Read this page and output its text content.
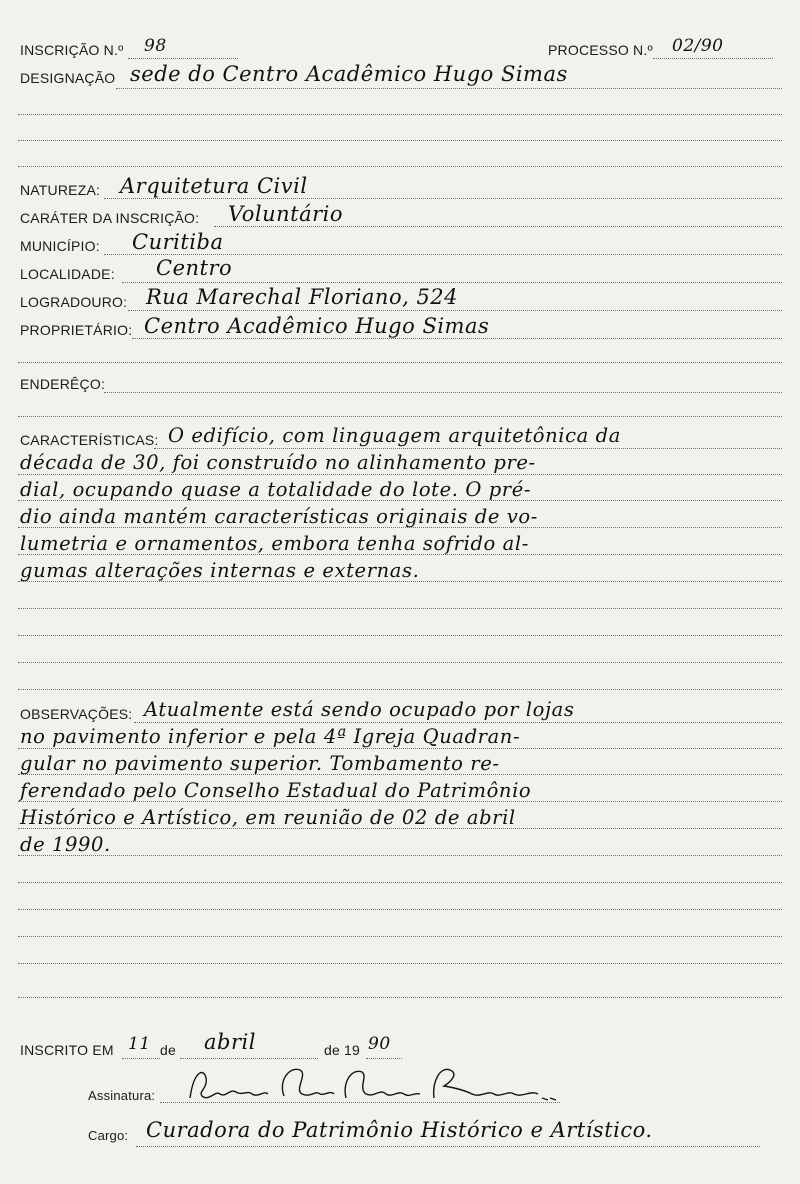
INSCRIÇÃO N.º 98	PROCESSO N.º 02/90
DESIGNAÇÃO sede do Centro Acadêmico Hugo Simas
NATUREZA: Arquitetura Civil
CARÁTER DA INSCRIÇÃO: Voluntário
MUNICÍPIO: Curitiba
LOCALIDADE: Centro
LOGRADOURO: Rua Marechal Floriano, 524
PROPRIETÁRIO: Centro Acadêmico Hugo Simas
ENDERÊÇO:
CARACTERÍSTICAS: O edifício, com linguagem arquitetônica da
década de 30, foi construído no alinhamento pre-
dial, ocupando quase a totalidade do lote. O pré-
dio ainda mantém características originais de vo-
lumetria e ornamentos, embora tenha sofrido al-
gumas alterações internas e externas.
OBSERVAÇÕES: Atualmente está sendo ocupado por lojas
no pavimento inferior e pela 4ª Igreja Quadran-
gular no pavimento superior. Tombamento re-
ferendado pelo Conselho Estadual do Patrimônio
Histórico e Artístico, em reunião de 02 de abril
de 1990.
INSCRITO EM 11 de abril	de 19 90
Assinatura:
Cargo: Curadora do Patrimônio Histórico e Artístico.
